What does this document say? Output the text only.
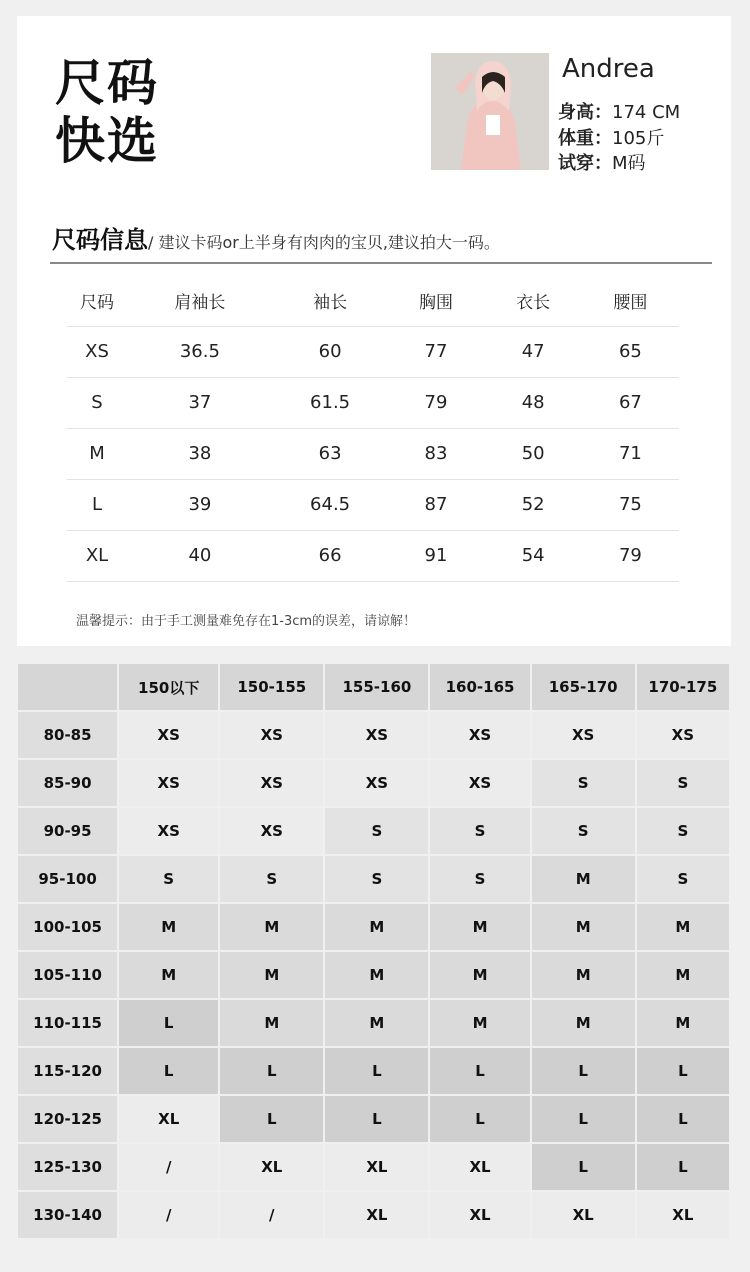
尺码
快选
Andrea
身高：174 CM
体重：105斤
试穿：M码
尺码信息/ 建议卡码or上半身有肉肉的宝贝,建议拍大一码。
尺码	肩袖长	袖长	胸围	衣长	腰围
XS	36.5	60	77	47	65
S	37	61.5	79	48	67
M	38	63	83	50	71
L	39	64.5	87	52	75
XL	40	66	91	54	79
温馨提示：由于手工测量难免存在1-3cm的误差，请谅解！
	150以下	150-155	155-160	160-165	165-170	170-175
80-85	XS	XS	XS	XS	XS	XS
85-90	XS	XS	XS	XS	S	S
90-95	XS	XS	S	S	S	S
95-100	S	S	S	S	M	S
100-105	M	M	M	M	M	M
105-110	M	M	M	M	M	M
110-115	L	M	M	M	M	M
115-120	L	L	L	L	L	L
120-125	XL	L	L	L	L	L
125-130	/	XL	XL	XL	L	L
130-140	/	/	XL	XL	XL	XL
